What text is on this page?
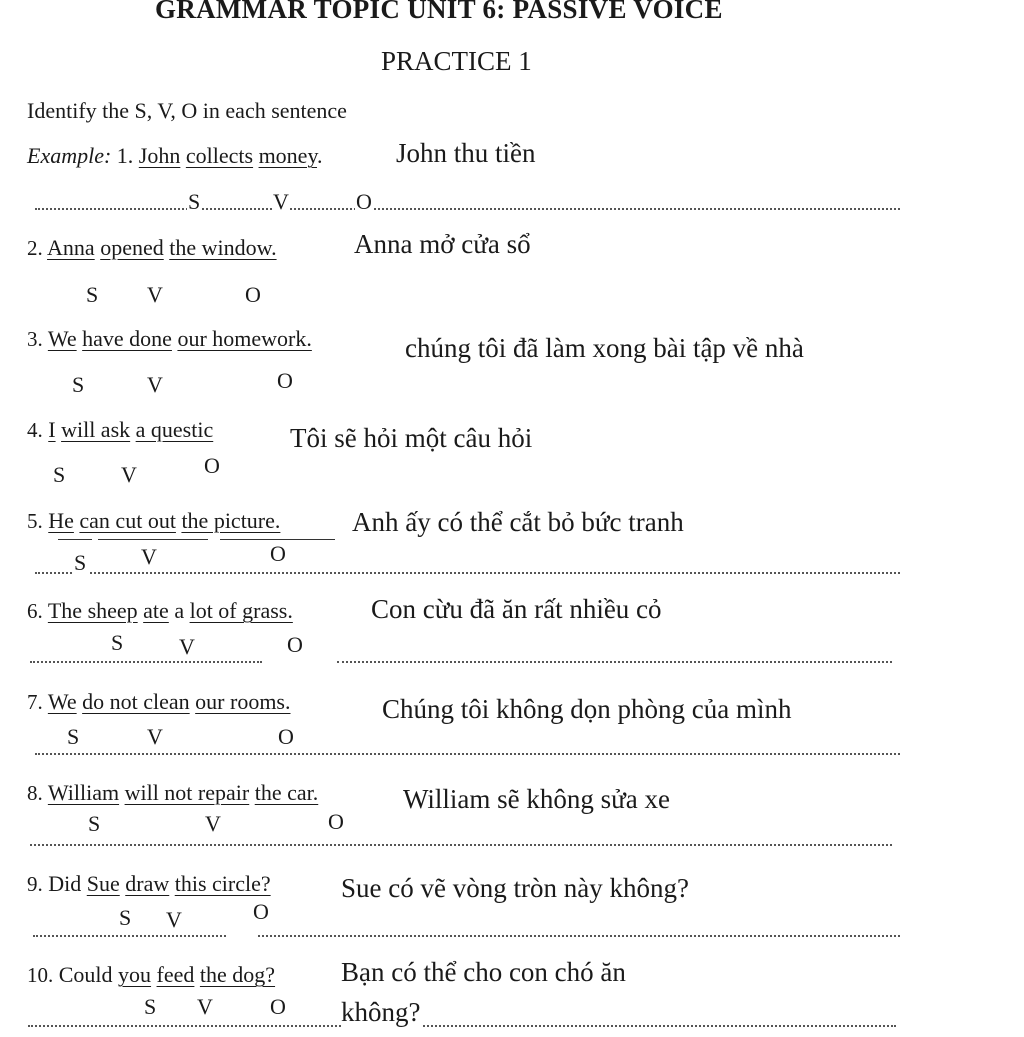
GRAMMAR TOPIC UNIT 6: PASSIVE VOICE
PRACTICE 1
Identify the S, V, O in each sentence
Example: 1. John collects money.	John thu tiền
S	V	O
2. Anna opened the window.	Anna mở cửa sổ
S V	O
3. We have done our homework.	chúng tôi đã làm xong bài tập về nhà
S	V	O
4. I will ask a questic	Tôi sẽ hỏi một câu hỏi
S	V	O
5. He can cut out the picture.	Anh ấy có thể cắt bỏ bức tranh
S V	O
6. The sheep ate a lot of grass.	Con cừu đã ăn rất nhiều cỏ
S	V	O
7. We do not clean our rooms.	Chúng tôi không dọn phòng của mình
S	V	O
8. William will not repair the car.	William sẽ không sửa xe
S	V	O
9. Did Sue draw this circle?	Sue có vẽ vòng tròn này không?
S V	O
10. Could you feed the dog? Bạn có thể cho con chó ăn
không?
S V	O
